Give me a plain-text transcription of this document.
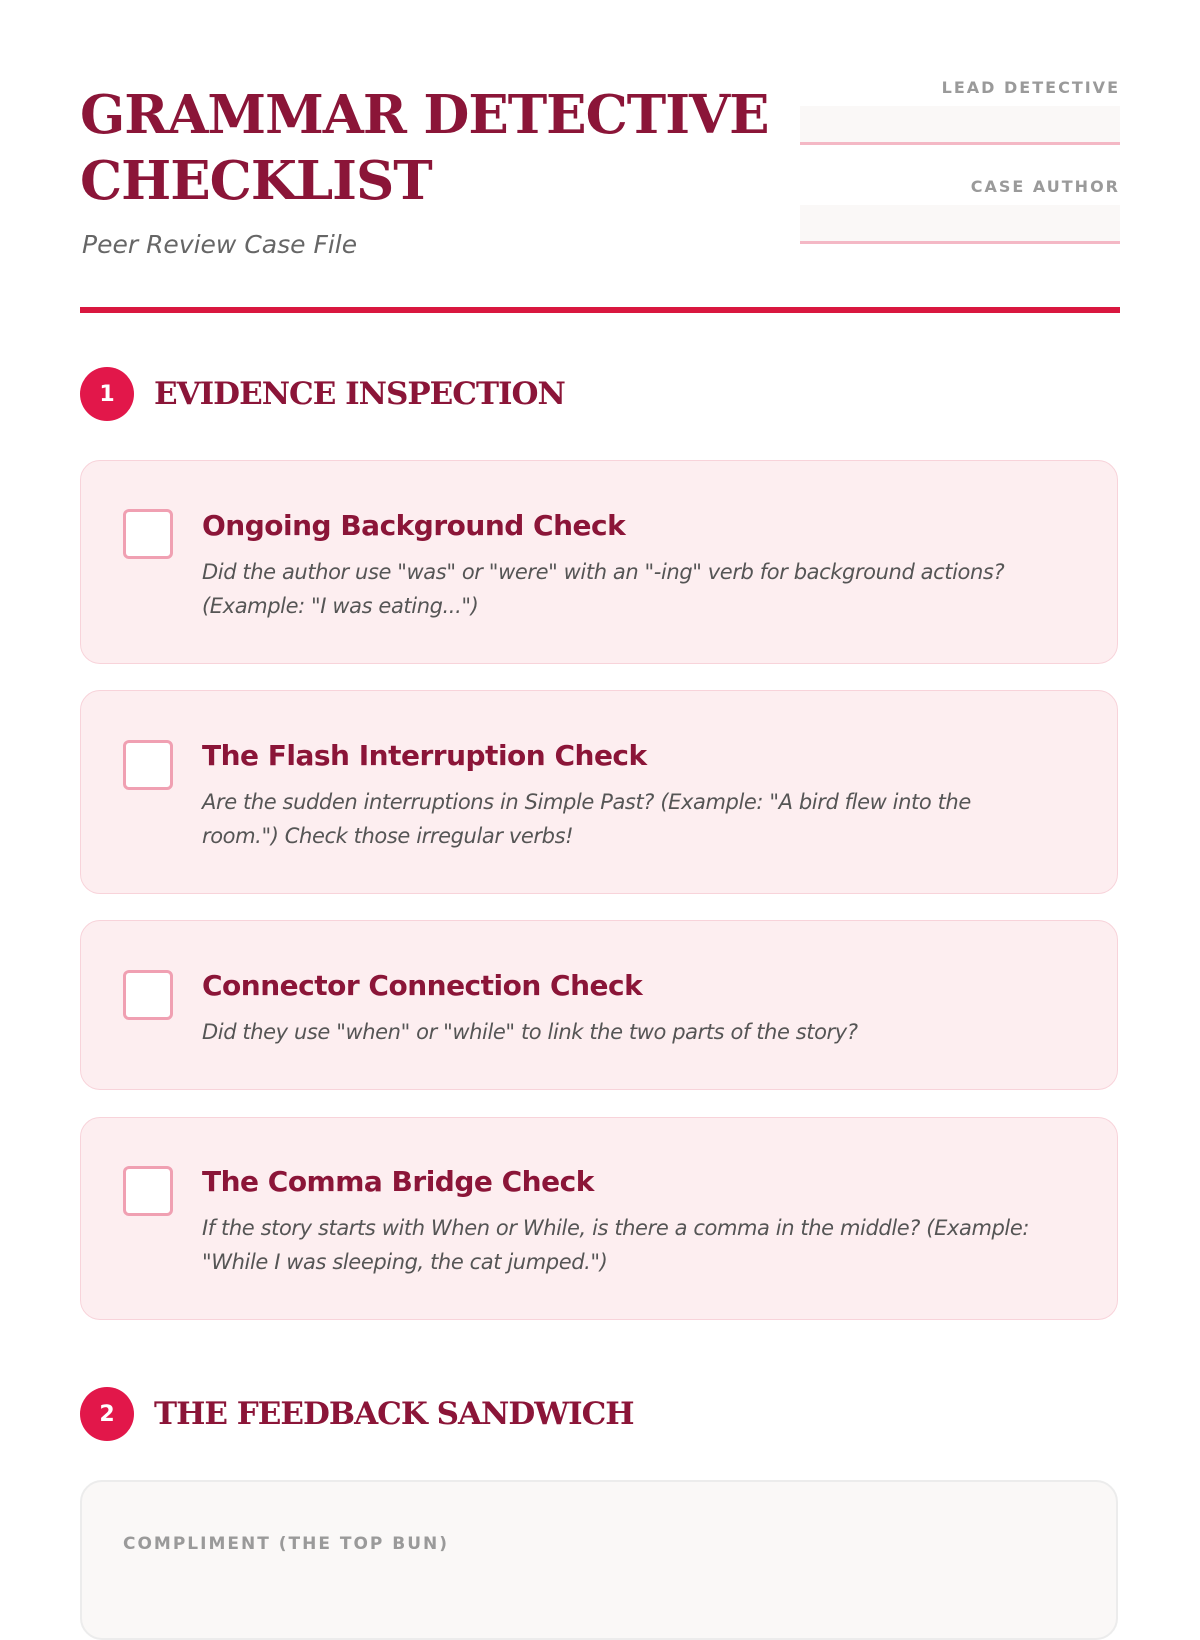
GRAMMAR DETECTIVE
CHECKLIST
Peer Review Case File
LEAD DETECTIVE
CASE AUTHOR
1	EVIDENCE INSPECTION
Ongoing Background Check
Did the author use "was" or "were" with an "-ing" verb for background actions?
(Example: "I was eating...")
The Flash Interruption Check
Are the sudden interruptions in Simple Past? (Example: "A bird flew into the
room.") Check those irregular verbs!
Connector Connection Check
Did they use "when" or "while" to link the two parts of the story?
The Comma Bridge Check
If the story starts with When or While, is there a comma in the middle? (Example:
"While I was sleeping, the cat jumped.")
2	THE FEEDBACK SANDWICH
COMPLIMENT (THE TOP BUN)
